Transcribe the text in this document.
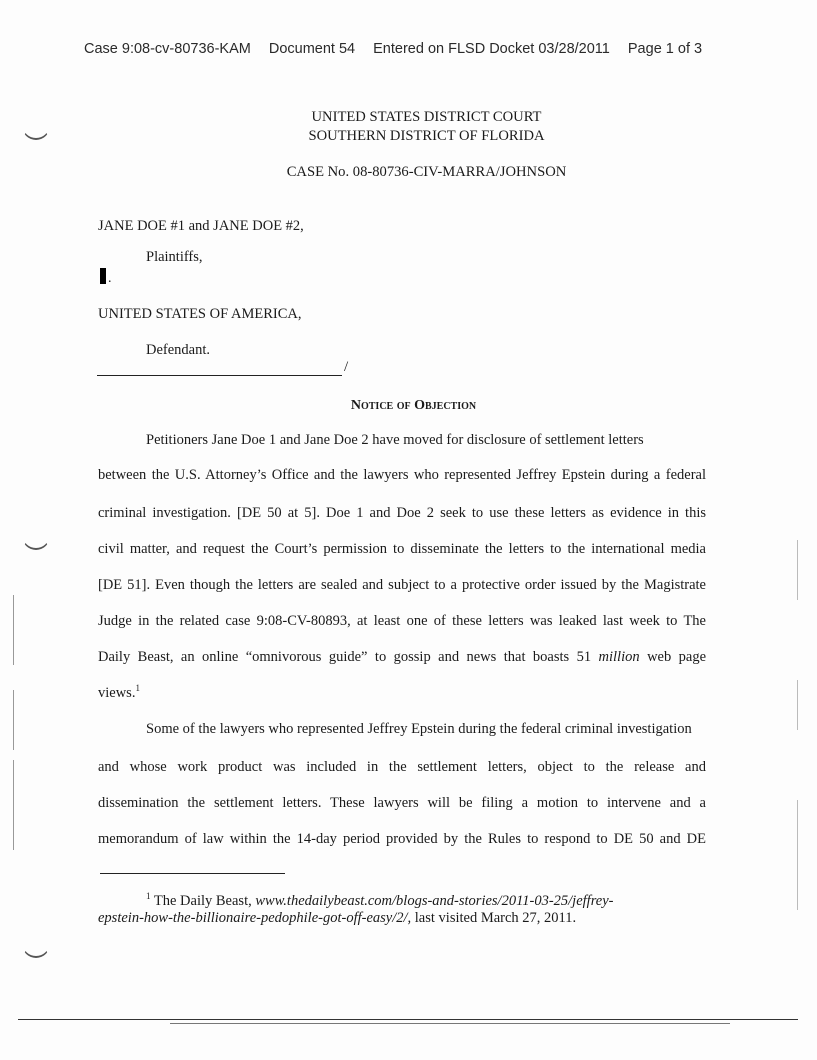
Case 9:08-cv-80736-KAM Document 54 Entered on FLSD Docket 03/28/2011 Page 1 of 3
UNITED STATES DISTRICT COURT
SOUTHERN DISTRICT OF FLORIDA
CASE No. 08-80736-CIV-MARRA/JOHNSON
JANE DOE #1 and JANE DOE #2,
Plaintiffs,
.
UNITED STATES OF AMERICA,
Defendant.
/
Notice of Objection
Petitioners Jane Doe 1 and Jane Doe 2 have moved for disclosure of settlement letters
between the U.S. Attorney’s Office and the lawyers who represented Jeffrey Epstein during a federal
criminal investigation. [DE 50 at 5]. Doe 1 and Doe 2 seek to use these letters as evidence in this
civil matter, and request the Court’s permission to disseminate the letters to the international media
[DE 51]. Even though the letters are sealed and subject to a protective order issued by the Magistrate
Judge in the related case 9:08-CV-80893, at least one of these letters was leaked last week to The
Daily Beast, an online “omnivorous guide” to gossip and news that boasts 51 million web page
views.$^1$
Some of the lawyers who represented Jeffrey Epstein during the federal criminal investigation
and whose work product was included in the settlement letters, object to the release and
dissemination the settlement letters. These lawyers will be filing a motion to intervene and a
memorandum of law within the 14-day period provided by the Rules to respond to DE 50 and DE
$^1$ The Daily Beast, www.thedailybeast.com/blogs-and-stories/2011-03-25/jeffrey-
epstein-how-the-billionaire-pedophile-got-off-easy/2/, last visited March 27, 2011.
